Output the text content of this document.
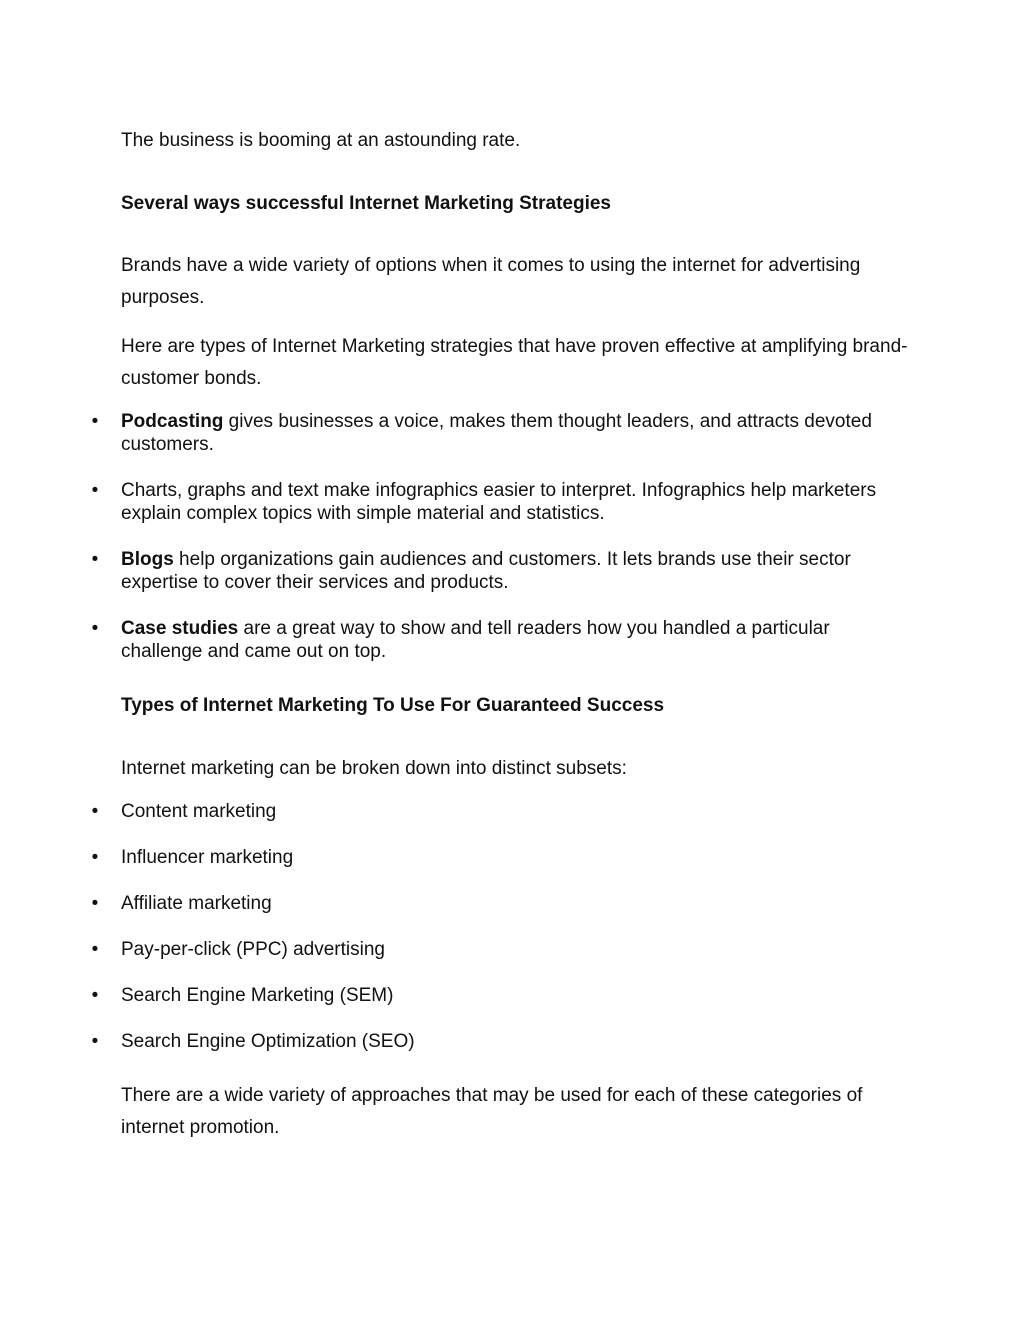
The business is booming at an astounding rate.

Several ways successful Internet Marketing Strategies

Brands have a wide variety of options when it comes to using the internet for advertising purposes.

Here are types of Internet Marketing strategies that have proven effective at amplifying brand-customer bonds.

• Podcasting gives businesses a voice, makes them thought leaders, and attracts devoted customers.
• Charts, graphs and text make infographics easier to interpret. Infographics help marketers explain complex topics with simple material and statistics.
• Blogs help organizations gain audiences and customers. It lets brands use their sector expertise to cover their services and products.
• Case studies are a great way to show and tell readers how you handled a particular challenge and came out on top.

Types of Internet Marketing To Use For Guaranteed Success

Internet marketing can be broken down into distinct subsets:

• Content marketing
• Influencer marketing
• Affiliate marketing
• Pay-per-click (PPC) advertising
• Search Engine Marketing (SEM)
• Search Engine Optimization (SEO)

There are a wide variety of approaches that may be used for each of these categories of internet promotion.
